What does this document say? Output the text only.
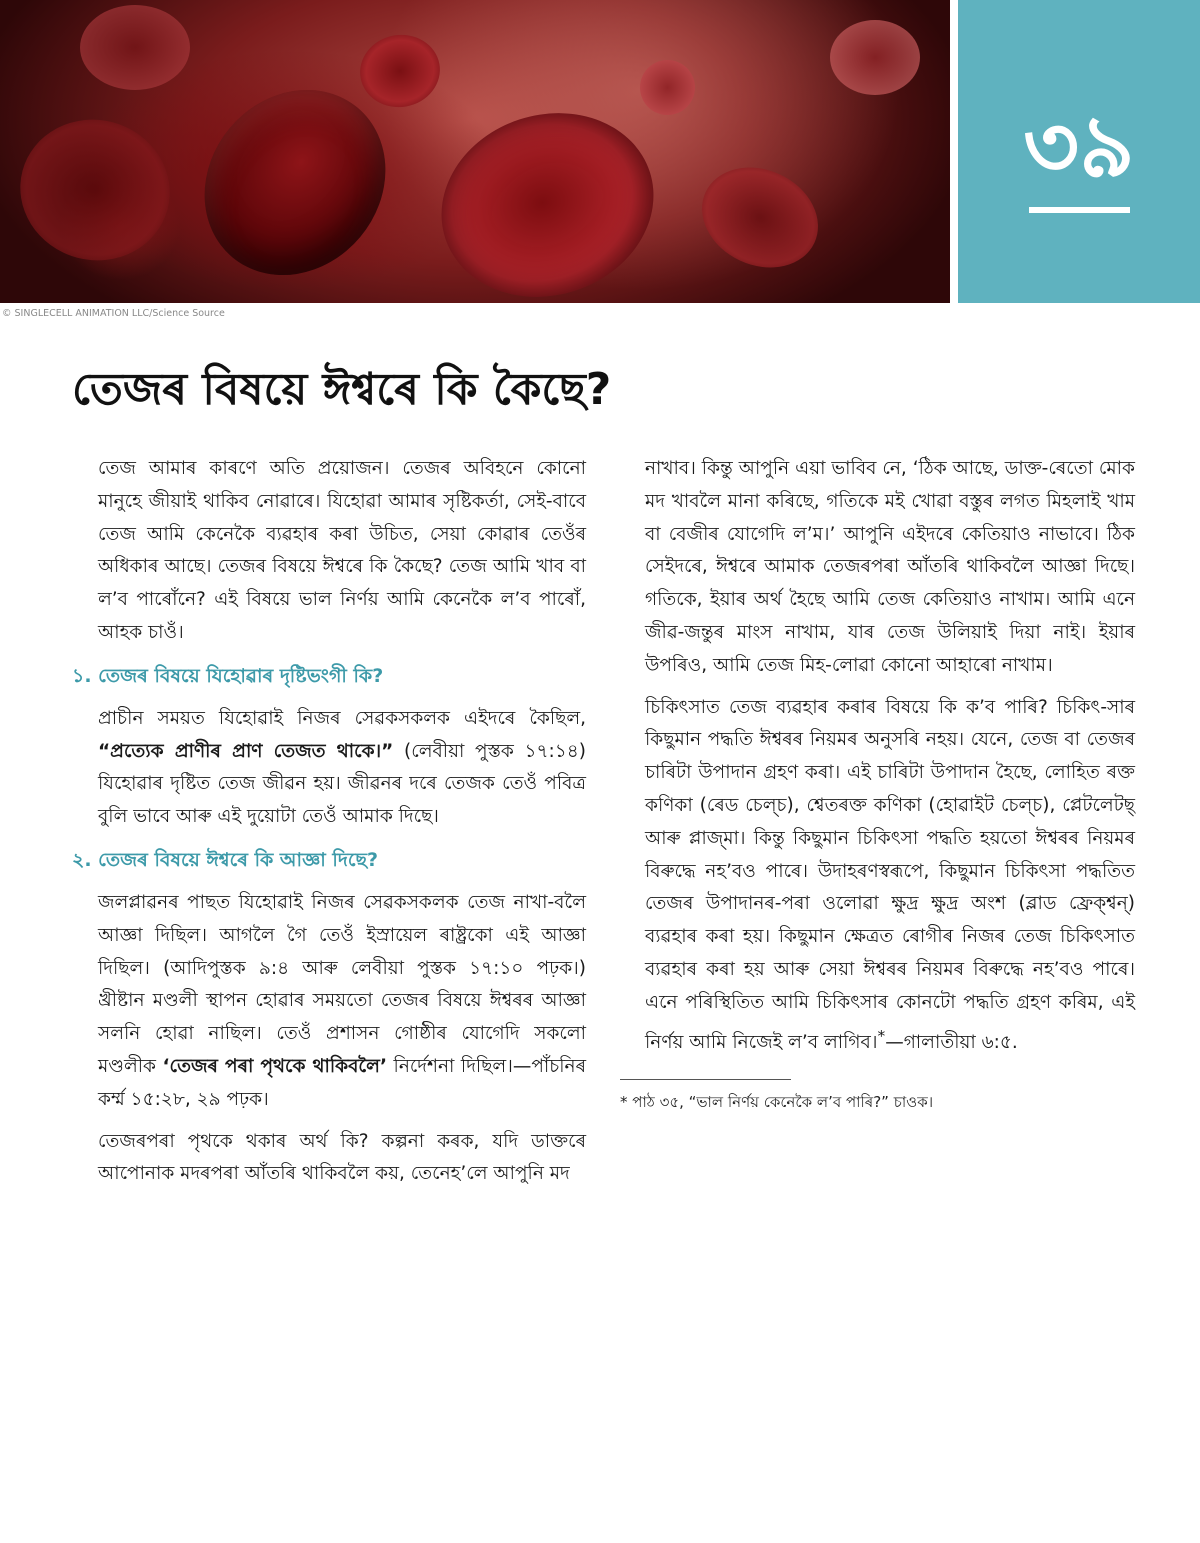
© SINGLECELL ANIMATION LLC/Science Source
৩৯
তেজৰ বিষয়ে ঈশ্বৰে কি কৈছে?

তেজ আমাৰ কাৰণে অতি প্ৰয়োজন। তেজৰ অবিহনে কোনো মানুহে জীয়াই থাকিব নোৱাৰে। যিহোৱা আমাৰ সৃষ্টিকৰ্তা, সেই-বাবে তেজ আমি কেনেকৈ ব্যৱহাৰ কৰা উচিত, সেয়া কোৱাৰ তেওঁৰ অধিকাৰ আছে। তেজৰ বিষয়ে ঈশ্বৰে কি কৈছে? তেজ আমি খাব বা ল’ব পাৰোঁনে? এই বিষয়ে ভাল নিৰ্ণয় আমি কেনেকৈ ল’ব পাৰোঁ, আহক চাওঁ।

১. তেজৰ বিষয়ে যিহোৱাৰ দৃষ্টিভংগী কি?

প্ৰাচীন সময়ত যিহোৱাই নিজৰ সেৱকসকলক এইদৰে কৈছিল, “প্ৰত্যেক প্ৰাণীৰ প্ৰাণ তেজত থাকে।” (লেবীয়া পুস্তক ১৭:১৪) যিহোৱাৰ দৃষ্টিত তেজ জীৱন হয়। জীৱনৰ দৰে তেজক তেওঁ পবিত্ৰ বুলি ভাবে আৰু এই দুয়োটা তেওঁ আমাক দিছে।

২. তেজৰ বিষয়ে ঈশ্বৰে কি আজ্ঞা দিছে?

জলপ্লাৱনৰ পাছত যিহোৱাই নিজৰ সেৱকসকলক তেজ নাখা-বলৈ আজ্ঞা দিছিল। আগলৈ গৈ তেওঁ ইস্ৰায়েল ৰাষ্ট্ৰকো এই আজ্ঞা দিছিল। (আদিপুস্তক ৯:৪ আৰু লেবীয়া পুস্তক ১৭:১০ পঢ়ক।) খ্ৰীষ্টান মণ্ডলী স্থাপন হোৱাৰ সময়তো তেজৰ বিষয়ে ঈশ্বৰৰ আজ্ঞা সলনি হোৱা নাছিল। তেওঁ প্ৰশাসন গোষ্ঠীৰ যোগেদি সকলো মণ্ডলীক ‘তেজৰ পৰা পৃথকে থাকিবলৈ’ নিৰ্দেশনা দিছিল।—পাঁচনিৰ কৰ্ম্ম ১৫:২৮, ২৯ পঢ়ক।

তেজৰপৰা পৃথকে থকাৰ অৰ্থ কি? কল্পনা কৰক, যদি ডাক্তৰে আপোনাক মদৰপৰা আঁতৰি থাকিবলৈ কয়, তেনেহ’লে আপুনি মদ

নাখাব। কিন্তু আপুনি এয়া ভাবিব নে, ‘ঠিক আছে, ডাক্ত-ৰেতো মোক মদ খাবলৈ মানা কৰিছে, গতিকে মই খোৱা বস্তুৰ লগত মিহলাই খাম বা বেজীৰ যোগেদি ল’ম।’ আপুনি এইদৰে কেতিয়াও নাভাবে। ঠিক সেইদৰে, ঈশ্বৰে আমাক তেজৰপৰা আঁতৰি থাকিবলৈ আজ্ঞা দিছে। গতিকে, ইয়াৰ অৰ্থ হৈছে আমি তেজ কেতিয়াও নাখাম। আমি এনে জীৱ-জন্তুৰ মাংস নাখাম, যাৰ তেজ উলিয়াই দিয়া নাই। ইয়াৰ উপৰিও, আমি তেজ মিহ-লোৱা কোনো আহাৰো নাখাম।

চিকিৎসাত তেজ ব্যৱহাৰ কৰাৰ বিষয়ে কি ক’ব পাৰি? চিকিৎ-সাৰ কিছুমান পদ্ধতি ঈশ্বৰৰ নিয়মৰ অনুসৰি নহয়। যেনে, তেজ বা তেজৰ চাৰিটা উপাদান গ্ৰহণ কৰা। এই চাৰিটা উপাদান হৈছে, লোহিত ৰক্ত কণিকা (ৰেড চেল্চ), শ্বেতৰক্ত কণিকা (হোৱাইট চেল্চ), প্লেটলেটছ্ আৰু প্লাজ্‌মা। কিন্তু কিছুমান চিকিৎসা পদ্ধতি হয়তো ঈশ্বৰৰ নিয়মৰ বিৰুদ্ধে নহ’বও পাৰে। উদাহৰণস্বৰূপে, কিছুমান চিকিৎসা পদ্ধতিত তেজৰ উপাদানৰ-পৰা ওলোৱা ক্ষুদ্ৰ ক্ষুদ্ৰ অংশ (ব্লাড ফ্ৰেক্‌শ্বন্) ব্যৱহাৰ কৰা হয়। কিছুমান ক্ষেত্ৰত ৰোগীৰ নিজৰ তেজ চিকিৎসাত ব্যৱহাৰ কৰা হয় আৰু সেয়া ঈশ্বৰৰ নিয়মৰ বিৰুদ্ধে নহ’বও পাৰে। এনে পৰিস্থিতিত আমি চিকিৎসাৰ কোনটো পদ্ধতি গ্ৰহণ কৰিম, এই নিৰ্ণয় আমি নিজেই ল’ব লাগিব।*—গালাতীয়া ৬:৫.

* পাঠ ৩৫, “ভাল নিৰ্ণয় কেনেকৈ ল’ব পাৰি?” চাওক।
